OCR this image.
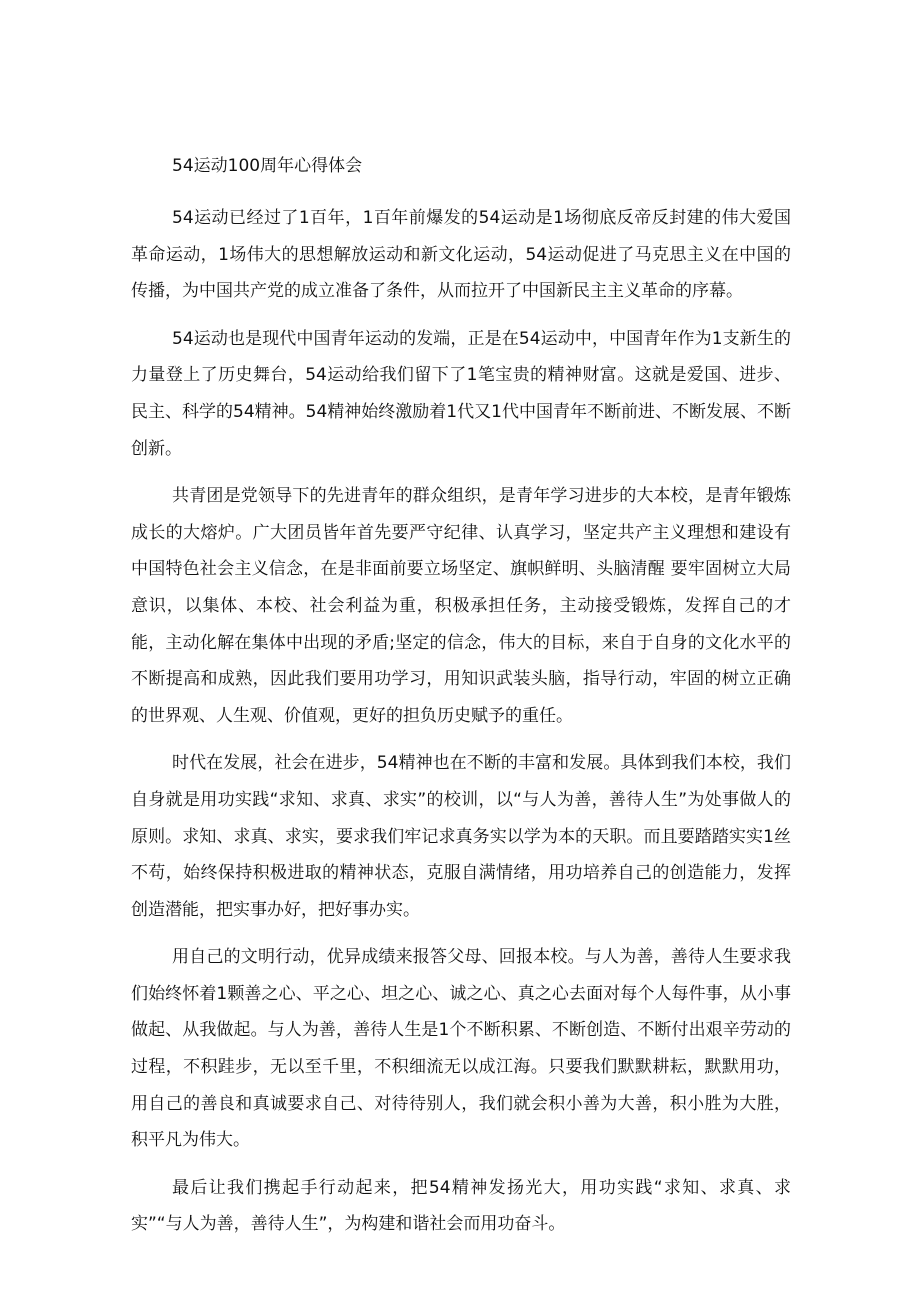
54运动100周年心得体会

54运动已经过了1百年，1百年前爆发的54运动是1场彻底反帝反封建的伟大爱国革命运动，1场伟大的思想解放运动和新文化运动，54运动促进了马克思主义在中国的传播，为中国共产党的成立准备了条件，从而拉开了中国新民主主义革命的序幕。

54运动也是现代中国青年运动的发端，正是在54运动中，中国青年作为1支新生的力量登上了历史舞台，54运动给我们留下了1笔宝贵的精神财富。这就是爱国、进步、民主、科学的54精神。54精神始终激励着1代又1代中国青年不断前进、不断发展、不断创新。

共青团是党领导下的先进青年的群众组织，是青年学习进步的大本校，是青年锻炼成长的大熔炉。广大团员皆年首先要严守纪律、认真学习，坚定共产主义理想和建设有中国特色社会主义信念，在是非面前要立场坚定、旗帜鲜明、头脑清醒 要牢固树立大局意识，以集体、本校、社会利益为重，积极承担任务，主动接受锻炼，发挥自己的才能，主动化解在集体中出现的矛盾;坚定的信念，伟大的目标，来自于自身的文化水平的不断提高和成熟，因此我们要用功学习，用知识武装头脑，指导行动，牢固的树立正确的世界观、人生观、价值观，更好的担负历史赋予的重任。

时代在发展，社会在进步，54精神也在不断的丰富和发展。具体到我们本校，我们自身就是用功实践“求知、求真、求实”的校训，以“与人为善，善待人生”为处事做人的原则。求知、求真、求实，要求我们牢记求真务实以学为本的天职。而且要踏踏实实1丝不苟，始终保持积极进取的精神状态，克服自满情绪，用功培养自己的创造能力，发挥创造潜能，把实事办好，把好事办实。

用自己的文明行动，优异成绩来报答父母、回报本校。与人为善，善待人生要求我们始终怀着1颗善之心、平之心、坦之心、诚之心、真之心去面对每个人每件事，从小事做起、从我做起。与人为善，善待人生是1个不断积累、不断创造、不断付出艰辛劳动的过程，不积跬步，无以至千里，不积细流无以成江海。只要我们默默耕耘，默默用功，用自己的善良和真诚要求自己、对待待别人，我们就会积小善为大善，积小胜为大胜，积平凡为伟大。

最后让我们携起手行动起来，把54精神发扬光大，用功实践“求知、求真、求实”“与人为善，善待人生”，为构建和谐社会而用功奋斗。
